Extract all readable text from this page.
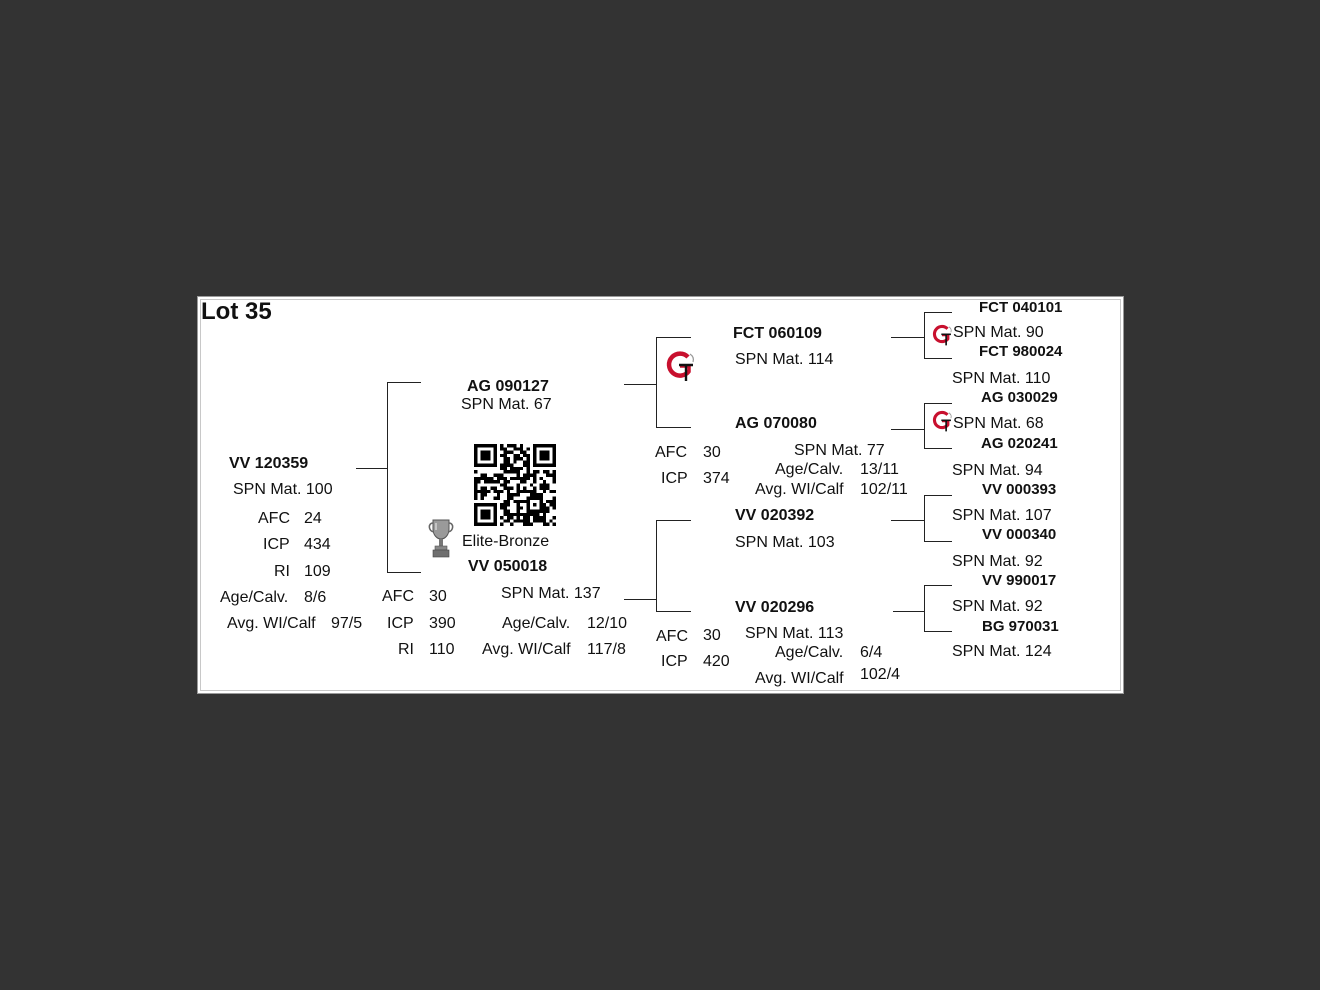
Lot 35
VV 120359
SPN Mat. 100
AFC 24
ICP 434
RI 109
Age/Calv. 8/6
Avg. WI/Calf 97/5
AG 090127
SPN Mat. 67
Elite-Bronze
VV 050018
SPN Mat. 137
AFC 30
ICP 390
RI 110
Age/Calv. 12/10
Avg. WI/Calf 117/8
FCT 060109
SPN Mat. 114
AG 070080
SPN Mat. 77
AFC 30
ICP 374
Age/Calv. 13/11
Avg. WI/Calf 102/11
VV 020392
SPN Mat. 103
VV 020296
SPN Mat. 113
AFC 30
ICP 420
Age/Calv. 6/4
Avg. WI/Calf 102/4
FCT 040101
SPN Mat. 90
FCT 980024
SPN Mat. 110
AG 030029
SPN Mat. 68
AG 020241
SPN Mat. 94
VV 000393
SPN Mat. 107
VV 000340
SPN Mat. 92
VV 990017
SPN Mat. 92
BG 970031
SPN Mat. 124
